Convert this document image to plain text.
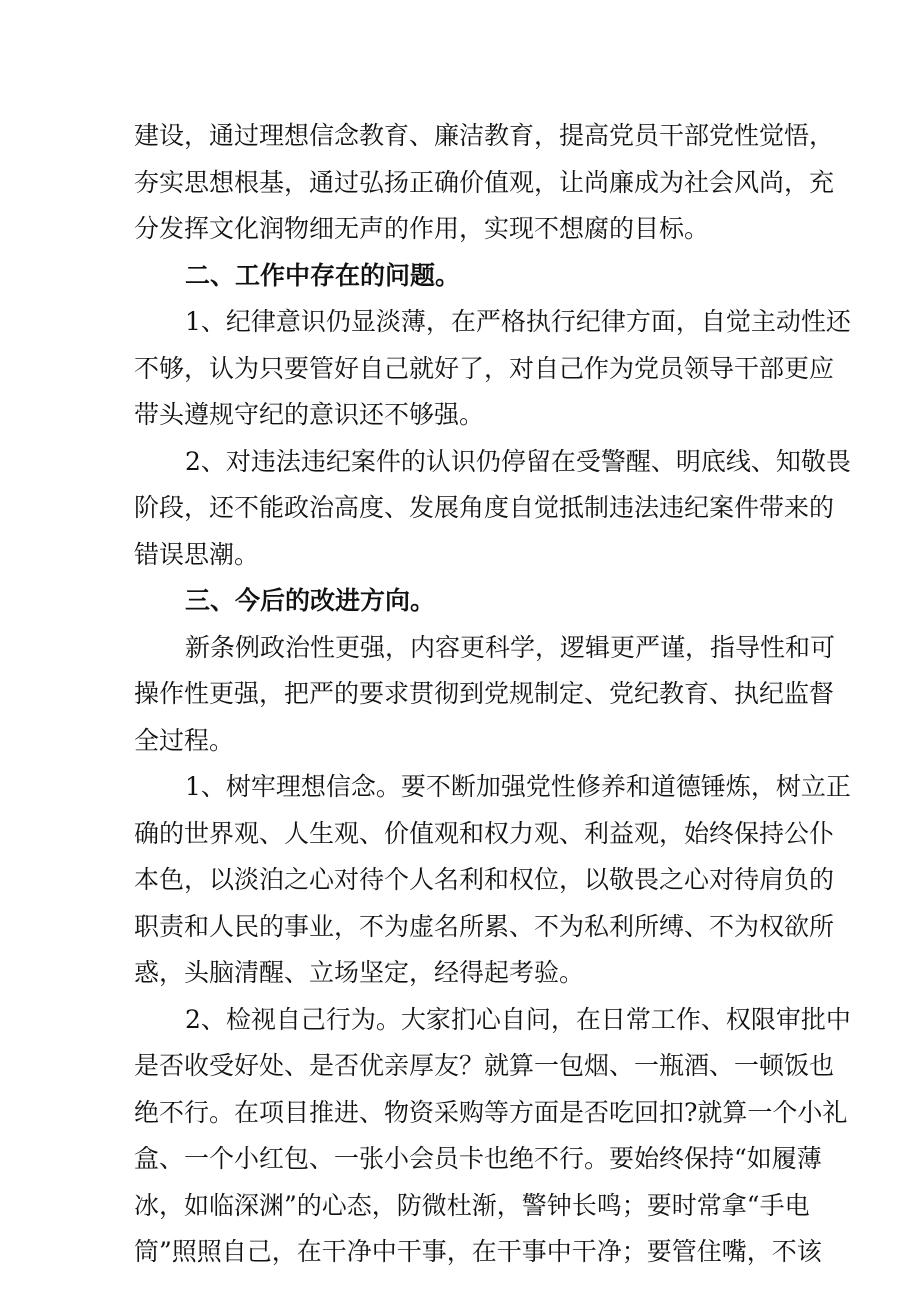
建设，通过理想信念教育、廉洁教育，提高党员干部党性觉悟，
夯实思想根基，通过弘扬正确价值观，让尚廉成为社会风尚，充
分发挥文化润物细无声的作用，实现不想腐的目标。
二、工作中存在的问题。
1、纪律意识仍显淡薄，在严格执行纪律方面，自觉主动性还
不够，认为只要管好自己就好了，对自己作为党员领导干部更应
带头遵规守纪的意识还不够强。
2、对违法违纪案件的认识仍停留在受警醒、明底线、知敬畏
阶段，还不能政治高度、发展角度自觉抵制违法违纪案件带来的
错误思潮。
三、今后的改进方向。
新条例政治性更强，内容更科学，逻辑更严谨，指导性和可
操作性更强，把严的要求贯彻到党规制定、党纪教育、执纪监督
全过程。
1、树牢理想信念。要不断加强党性修养和道德锤炼，树立正
确的世界观、人生观、价值观和权力观、利益观，始终保持公仆
本色，以淡泊之心对待个人名利和权位，以敬畏之心对待肩负的
职责和人民的事业，不为虚名所累、不为私利所缚、不为权欲所
惑，头脑清醒、立场坚定，经得起考验。
2、检视自己行为。大家扪心自问，在日常工作、权限审批中
是否收受好处、是否优亲厚友？就算一包烟、一瓶酒、一顿饭也
绝不行。在项目推进、物资采购等方面是否吃回扣?就算一个小礼
盒、一个小红包、一张小会员卡也绝不行。要始终保持“如履薄
冰，如临深渊”的心态，防微杜渐，警钟长鸣；要时常拿“手电
筒”照照自己，在干净中干事，在干事中干净；要管住嘴，不该
